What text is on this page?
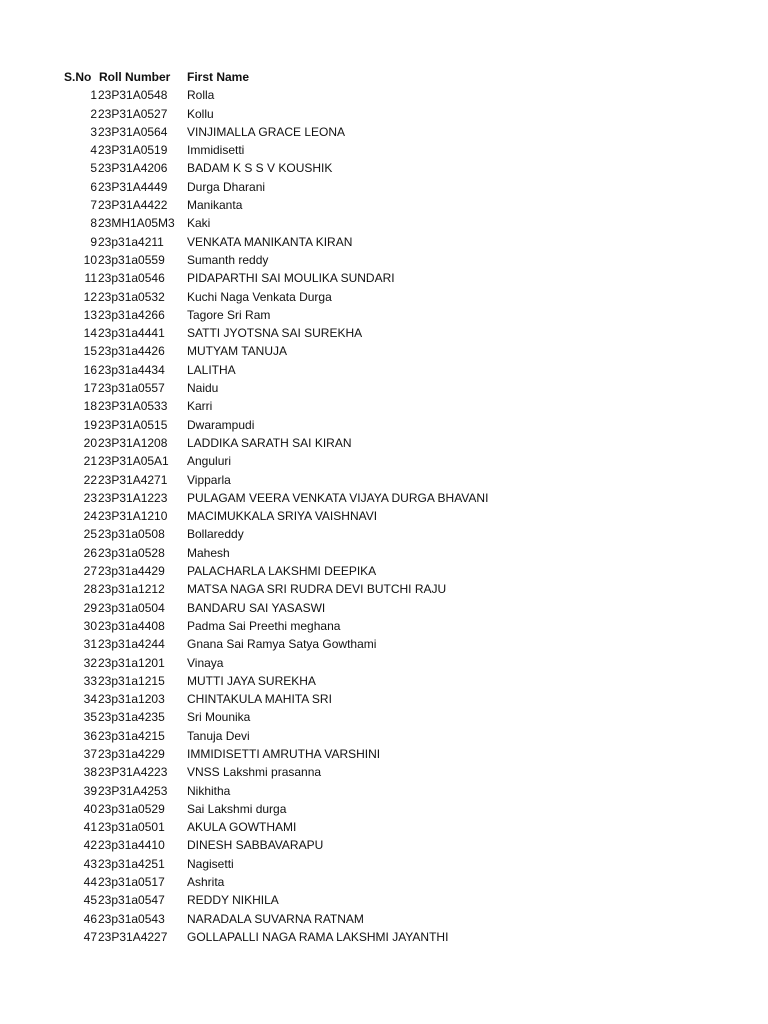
S.No Roll Number	First Name
1 23P31A0548	Rolla
2 23P31A0527	Kollu
3 23P31A0564	VINJIMALLA GRACE LEONA
4 23P31A0519	Immidisetti
5 23P31A4206	BADAM K S S V KOUSHIK
6 23P31A4449	Durga Dharani
7 23P31A4422	Manikanta
8 23MH1A05M3	Kaki
9 23p31a4211	VENKATA MANIKANTA KIRAN
10 23p31a0559	Sumanth reddy
11 23p31a0546	PIDAPARTHI SAI MOULIKA SUNDARI
12 23p31a0532	Kuchi Naga Venkata Durga
13 23p31a4266	Tagore Sri Ram
14 23p31a4441	SATTI JYOTSNA SAI SUREKHA
15 23p31a4426	MUTYAM TANUJA
16 23p31a4434	LALITHA
17 23p31a0557	Naidu
18 23P31A0533	Karri
19 23P31A0515	Dwarampudi
20 23P31A1208	LADDIKA SARATH SAI KIRAN
21 23P31A05A1	Anguluri
22 23P31A4271	Vipparla
23 23P31A1223	PULAGAM VEERA VENKATA VIJAYA DURGA BHAVANI
24 23P31A1210	MACIMUKKALA SRIYA VAISHNAVI
25 23p31a0508	Bollareddy
26 23p31a0528	Mahesh
27 23p31a4429	PALACHARLA LAKSHMI DEEPIKA
28 23p31a1212	MATSA NAGA SRI RUDRA DEVI BUTCHI RAJU
29 23p31a0504	BANDARU SAI YASASWI
30 23p31a4408	Padma Sai Preethi meghana
31 23p31a4244	Gnana Sai Ramya Satya Gowthami
32 23p31a1201	Vinaya
33 23p31a1215	MUTTI JAYA SUREKHA
34 23p31a1203	CHINTAKULA MAHITA SRI
35 23p31a4235	Sri Mounika
36 23p31a4215	Tanuja Devi
37 23p31a4229	IMMIDISETTI AMRUTHA VARSHINI
38 23P31A4223	VNSS Lakshmi prasanna
39 23P31A4253	Nikhitha
40 23p31a0529	Sai Lakshmi durga
41 23p31a0501	AKULA GOWTHAMI
42 23p31a4410	DINESH SABBAVARAPU
43 23p31a4251	Nagisetti
44 23p31a0517	Ashrita
45 23p31a0547	REDDY NIKHILA
46 23p31a0543	NARADALA SUVARNA RATNAM
47 23P31A4227	GOLLAPALLI NAGA RAMA LAKSHMI JAYANTHI
